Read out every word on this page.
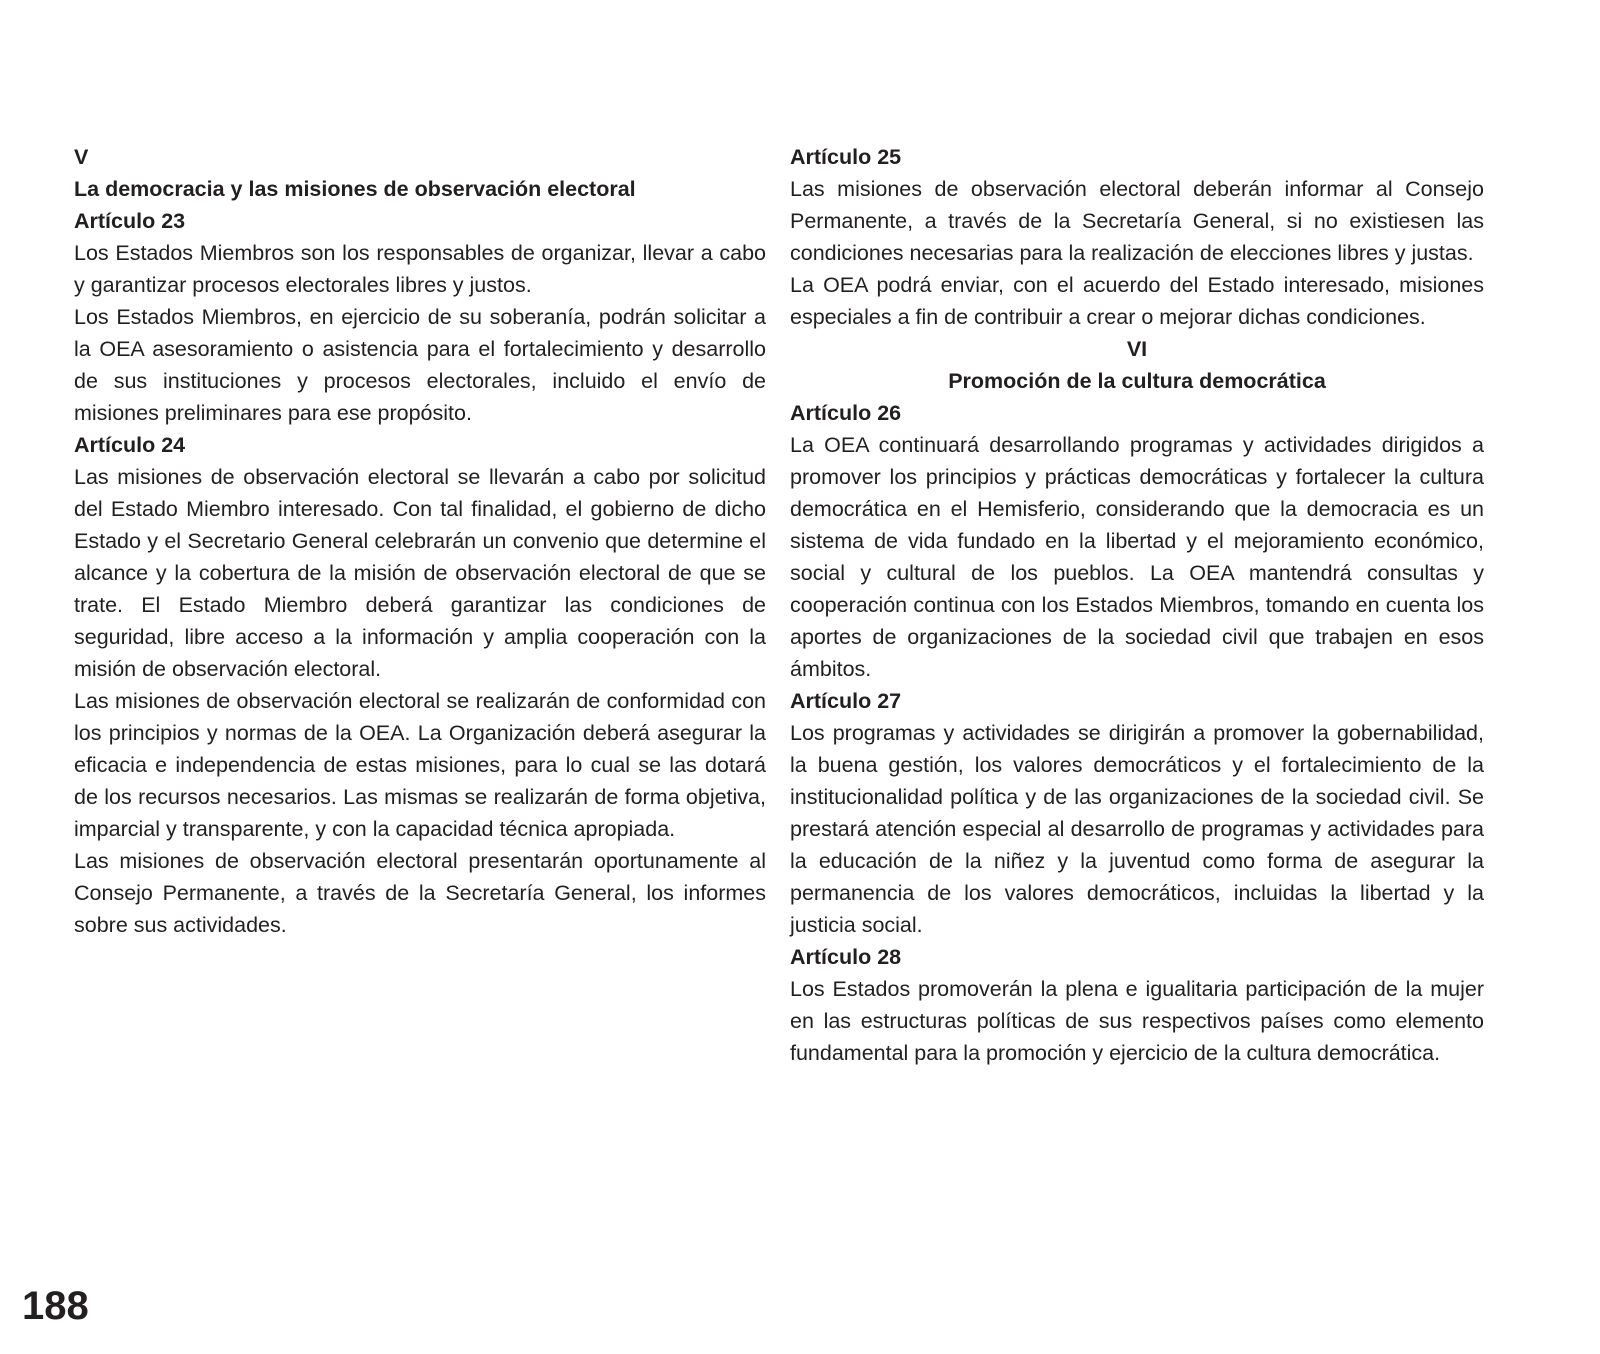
V

La democracia y las misiones de observación electoral

Artículo 23

Los Estados Miembros son los responsables de organizar, llevar a cabo y garantizar procesos electorales libres y justos.

Los Estados Miembros, en ejercicio de su soberanía, podrán solicitar a la OEA asesoramiento o asistencia para el fortalecimiento y desarrollo de sus instituciones y procesos electorales, incluido el envío de misiones preliminares para ese propósito.

Artículo 24

Las misiones de observación electoral se llevarán a cabo por solicitud del Estado Miembro interesado. Con tal finalidad, el gobierno de dicho Estado y el Secretario General celebrarán un convenio que determine el alcance y la cobertura de la misión de observación electoral de que se trate. El Estado Miembro deberá garantizar las condiciones de seguridad, libre acceso a la información y amplia cooperación con la misión de observación electoral.

Las misiones de observación electoral se realizarán de conformidad con los principios y normas de la OEA. La Organización deberá asegurar la eficacia e independencia de estas misiones, para lo cual se las dotará de los recursos necesarios. Las mismas se realizarán de forma objetiva, imparcial y transparente, y con la capacidad técnica apropiada.

Las misiones de observación electoral presentarán oportunamente al Consejo Permanente, a través de la Secretaría General, los informes sobre sus actividades.

Artículo 25

Las misiones de observación electoral deberán informar al Consejo Permanente, a través de la Secretaría General, si no existiesen las condiciones necesarias para la realización de elecciones libres y justas.

La OEA podrá enviar, con el acuerdo del Estado interesado, misiones especiales a fin de contribuir a crear o mejorar dichas condiciones.

VI

Promoción de la cultura democrática

Artículo 26

La OEA continuará desarrollando programas y actividades dirigidos a promover los principios y prácticas democráticas y fortalecer la cultura democrática en el Hemisferio, considerando que la democracia es un sistema de vida fundado en la libertad y el mejoramiento económico, social y cultural de los pueblos. La OEA mantendrá consultas y cooperación continua con los Estados Miembros, tomando en cuenta los aportes de organizaciones de la sociedad civil que trabajen en esos ámbitos.

Artículo 27

Los programas y actividades se dirigirán a promover la gobernabilidad, la buena gestión, los valores democráticos y el fortalecimiento de la institucionalidad política y de las organizaciones de la sociedad civil. Se prestará atención especial al desarrollo de programas y actividades para la educación de la niñez y la juventud como forma de asegurar la permanencia de los valores democráticos, incluidas la libertad y la justicia social.

Artículo 28

Los Estados promoverán la plena e igualitaria participación de la mujer en las estructuras políticas de sus respectivos países como elemento fundamental para la promoción y ejercicio de la cultura democrática.

188
